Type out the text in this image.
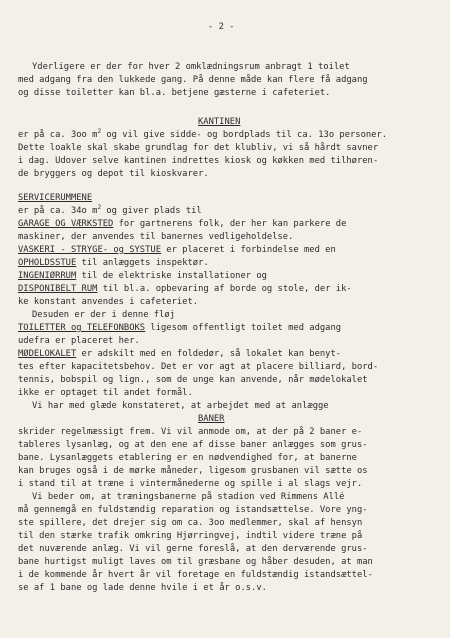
- 2 -
Yderligere er der for hver 2 omklædningsrum anbragt 1 toilet
med adgang fra den lukkede gang. På denne måde kan flere få adgang
og disse toiletter kan bl.a. betjene gæsterne i cafeteriet.
KANTINEN
er på ca. 3oo $m^2$ og vil give sidde- og bordplads til ca. 13o personer.
Dette loakle skal skabe grundlag for det klubliv, vi så hårdt savner
i dag. Udover selve kantinen indrettes kiosk og køkken med tilhøren-
de bryggers og depot til kioskvarer.
SERVICERUMMENE
er på ca. 34o $m^2$ og giver plads til
GARAGE OG VÆRKSTED for gartnerens folk, der her kan parkere de
maskiner, der anvendes til banernes vedligeholdelse.
VASKERI - STRYGE- og SYSTUE er placeret i forbindelse med en
OPHOLDSSTUE til anlæggets inspektør.
INGENIØRRUM til de elektriske installationer og
DISPONIBELT RUM til bl.a. opbevaring af borde og stole, der ik-
ke konstant anvendes i cafeteriet.
Desuden er der i denne fløj
TOILETTER og TELEFONBOKS ligesom offentligt toilet med adgang
udefra er placeret her.
MØDELOKALET er adskilt med en foldedør, så lokalet kan benyt-
tes efter kapacitetsbehov. Det er vor agt at placere billiard, bord-
tennis, bobspil og lign., som de unge kan anvende, når mødelokalet
ikke er optaget til andet formål.
Vi har med glæde konstateret, at arbejdet med at anlægge
BANER
skrider regelmæssigt frem. Vi vil anmode om, at der på 2 baner e-
tableres lysanlæg, og at den ene af disse baner anlægges som grus-
bane. Lysanlæggets etablering er en nødvendighed for, at banerne
kan bruges også i de mørke måneder, ligesom grusbanen vil sætte os
i stand til at træne i vintermånederne og spille i al slags vejr.
Vi beder om, at træningsbanerne på stadion ved Rimmens Allé
må gennemgå en fuldstændig reparation og istandsættelse. Vore yng-
ste spillere, det drejer sig om ca. 3oo medlemmer, skal af hensyn
til den stærke trafik omkring Hjørringvej, indtil videre træne på
det nuværende anlæg. Vi vil gerne foreslå, at den derværende grus-
bane hurtigst muligt laves om til græsbane og håber desuden, at man
i de kommende år hvert år vil foretage en fuldstændig istandsættel-
se af 1 bane og lade denne hvile i et år o.s.v.
